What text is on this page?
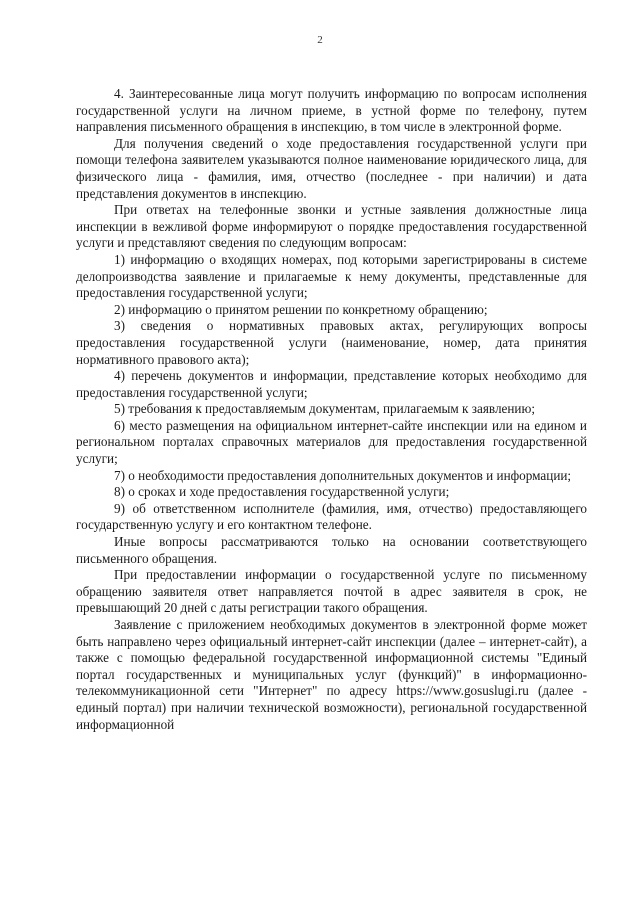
2

4. Заинтересованные лица могут получить информацию по вопросам исполнения государственной услуги на личном приеме, в устной форме по телефону, путем направления письменного обращения в инспекцию, в том числе в электронной форме.

Для получения сведений о ходе предоставления государственной услуги при помощи телефона заявителем указываются полное наименование юридического лица, для физического лица - фамилия, имя, отчество (последнее - при наличии) и дата представления документов в инспекцию.

При ответах на телефонные звонки и устные заявления должностные лица инспекции в вежливой форме информируют о порядке предоставления государственной услуги и представляют сведения по следующим вопросам:

1) информацию о входящих номерах, под которыми зарегистрированы в системе делопроизводства заявление и прилагаемые к нему документы, представленные для предоставления государственной услуги;

2) информацию о принятом решении по конкретному обращению;

3) сведения о нормативных правовых актах, регулирующих вопросы предоставления государственной услуги (наименование, номер, дата принятия нормативного правового акта);

4) перечень документов и информации, представление которых необходимо для предоставления государственной услуги;

5) требования к предоставляемым документам, прилагаемым к заявлению;

6) место размещения на официальном интернет-сайте инспекции или на едином и региональном порталах справочных материалов для предоставления государственной услуги;

7) о необходимости предоставления дополнительных документов и информации;

8) о сроках и ходе предоставления государственной услуги;

9) об ответственном исполнителе (фамилия, имя, отчество) предоставляющего государственную услугу и его контактном телефоне.

Иные вопросы рассматриваются только на основании соответствующего письменного обращения.

При предоставлении информации о государственной услуге по письменному обращению заявителя ответ направляется почтой в адрес заявителя в срок, не превышающий 20 дней с даты регистрации такого обращения.

Заявление с приложением необходимых документов в электронной форме может быть направлено через официальный интернет-сайт инспекции (далее – интернет-сайт), а также с помощью федеральной государственной информационной системы "Единый портал государственных и муниципальных услуг (функций)" в информационно-телекоммуникационной сети "Интернет" по адресу https://www.gosuslugi.ru (далее - единый портал) при наличии технической возможности), региональной государственной информационной
